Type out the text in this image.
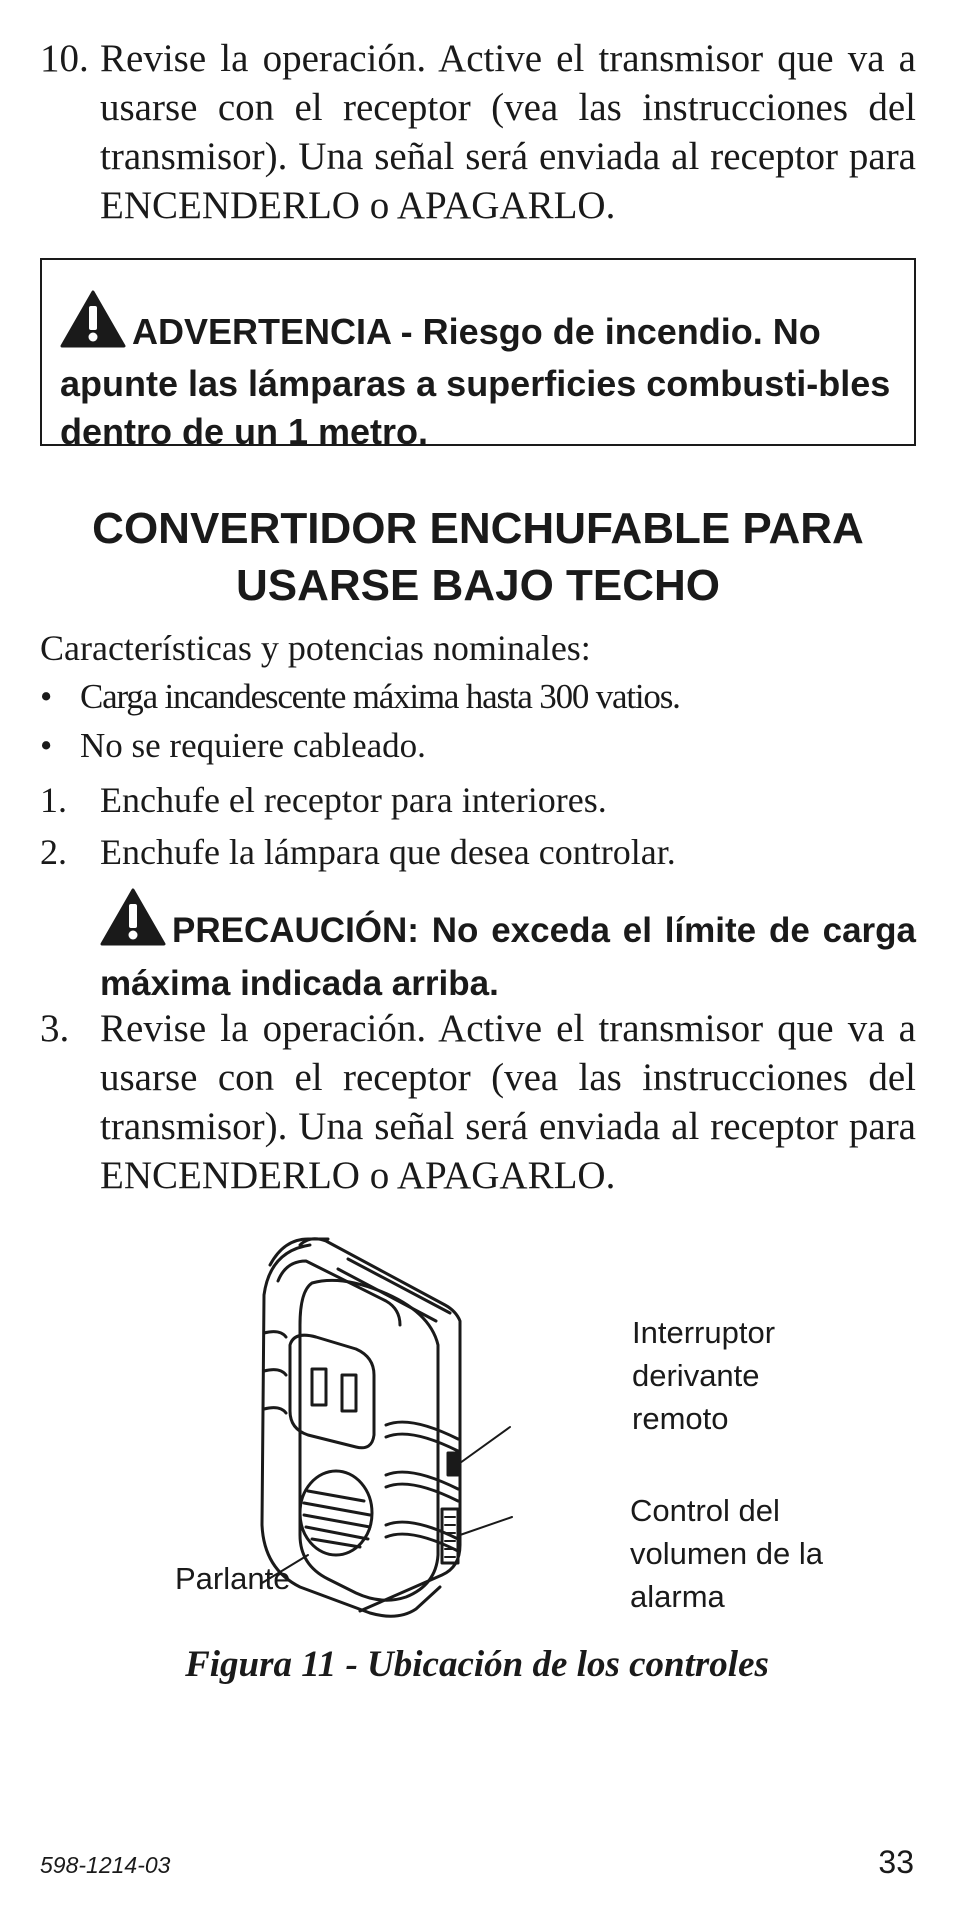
10. Revise la operación. Active el transmisor que va a usarse con el receptor (vea las instrucciones del transmisor). Una señal será enviada al receptor para ENCENDERLO o APAGARLO.
ADVERTENCIA - Riesgo de incendio. No apunte las lámparas a superficies combusti-bles dentro de un 1 metro.
CONVERTIDOR ENCHUFABLE PARA
USARSE BAJO TECHO
Características y potencias nominales:
• Carga incandescente máxima hasta 300 vatios.
• No se requiere cableado.
1. Enchufe el receptor para interiores.
2. Enchufe la lámpara que desea controlar.
PRECAUCIÓN: No exceda el límite de carga máxima indicada arriba.
3. Revise la operación. Active el transmisor que va a usarse con el receptor (vea las instrucciones del transmisor). Una señal será enviada al receptor para ENCENDERLO o APAGARLO.
Interruptor
derivante
remoto
Control del
volumen de la
alarma
Parlante
Figura 11 - Ubicación de los controles
598-1214-03	33
